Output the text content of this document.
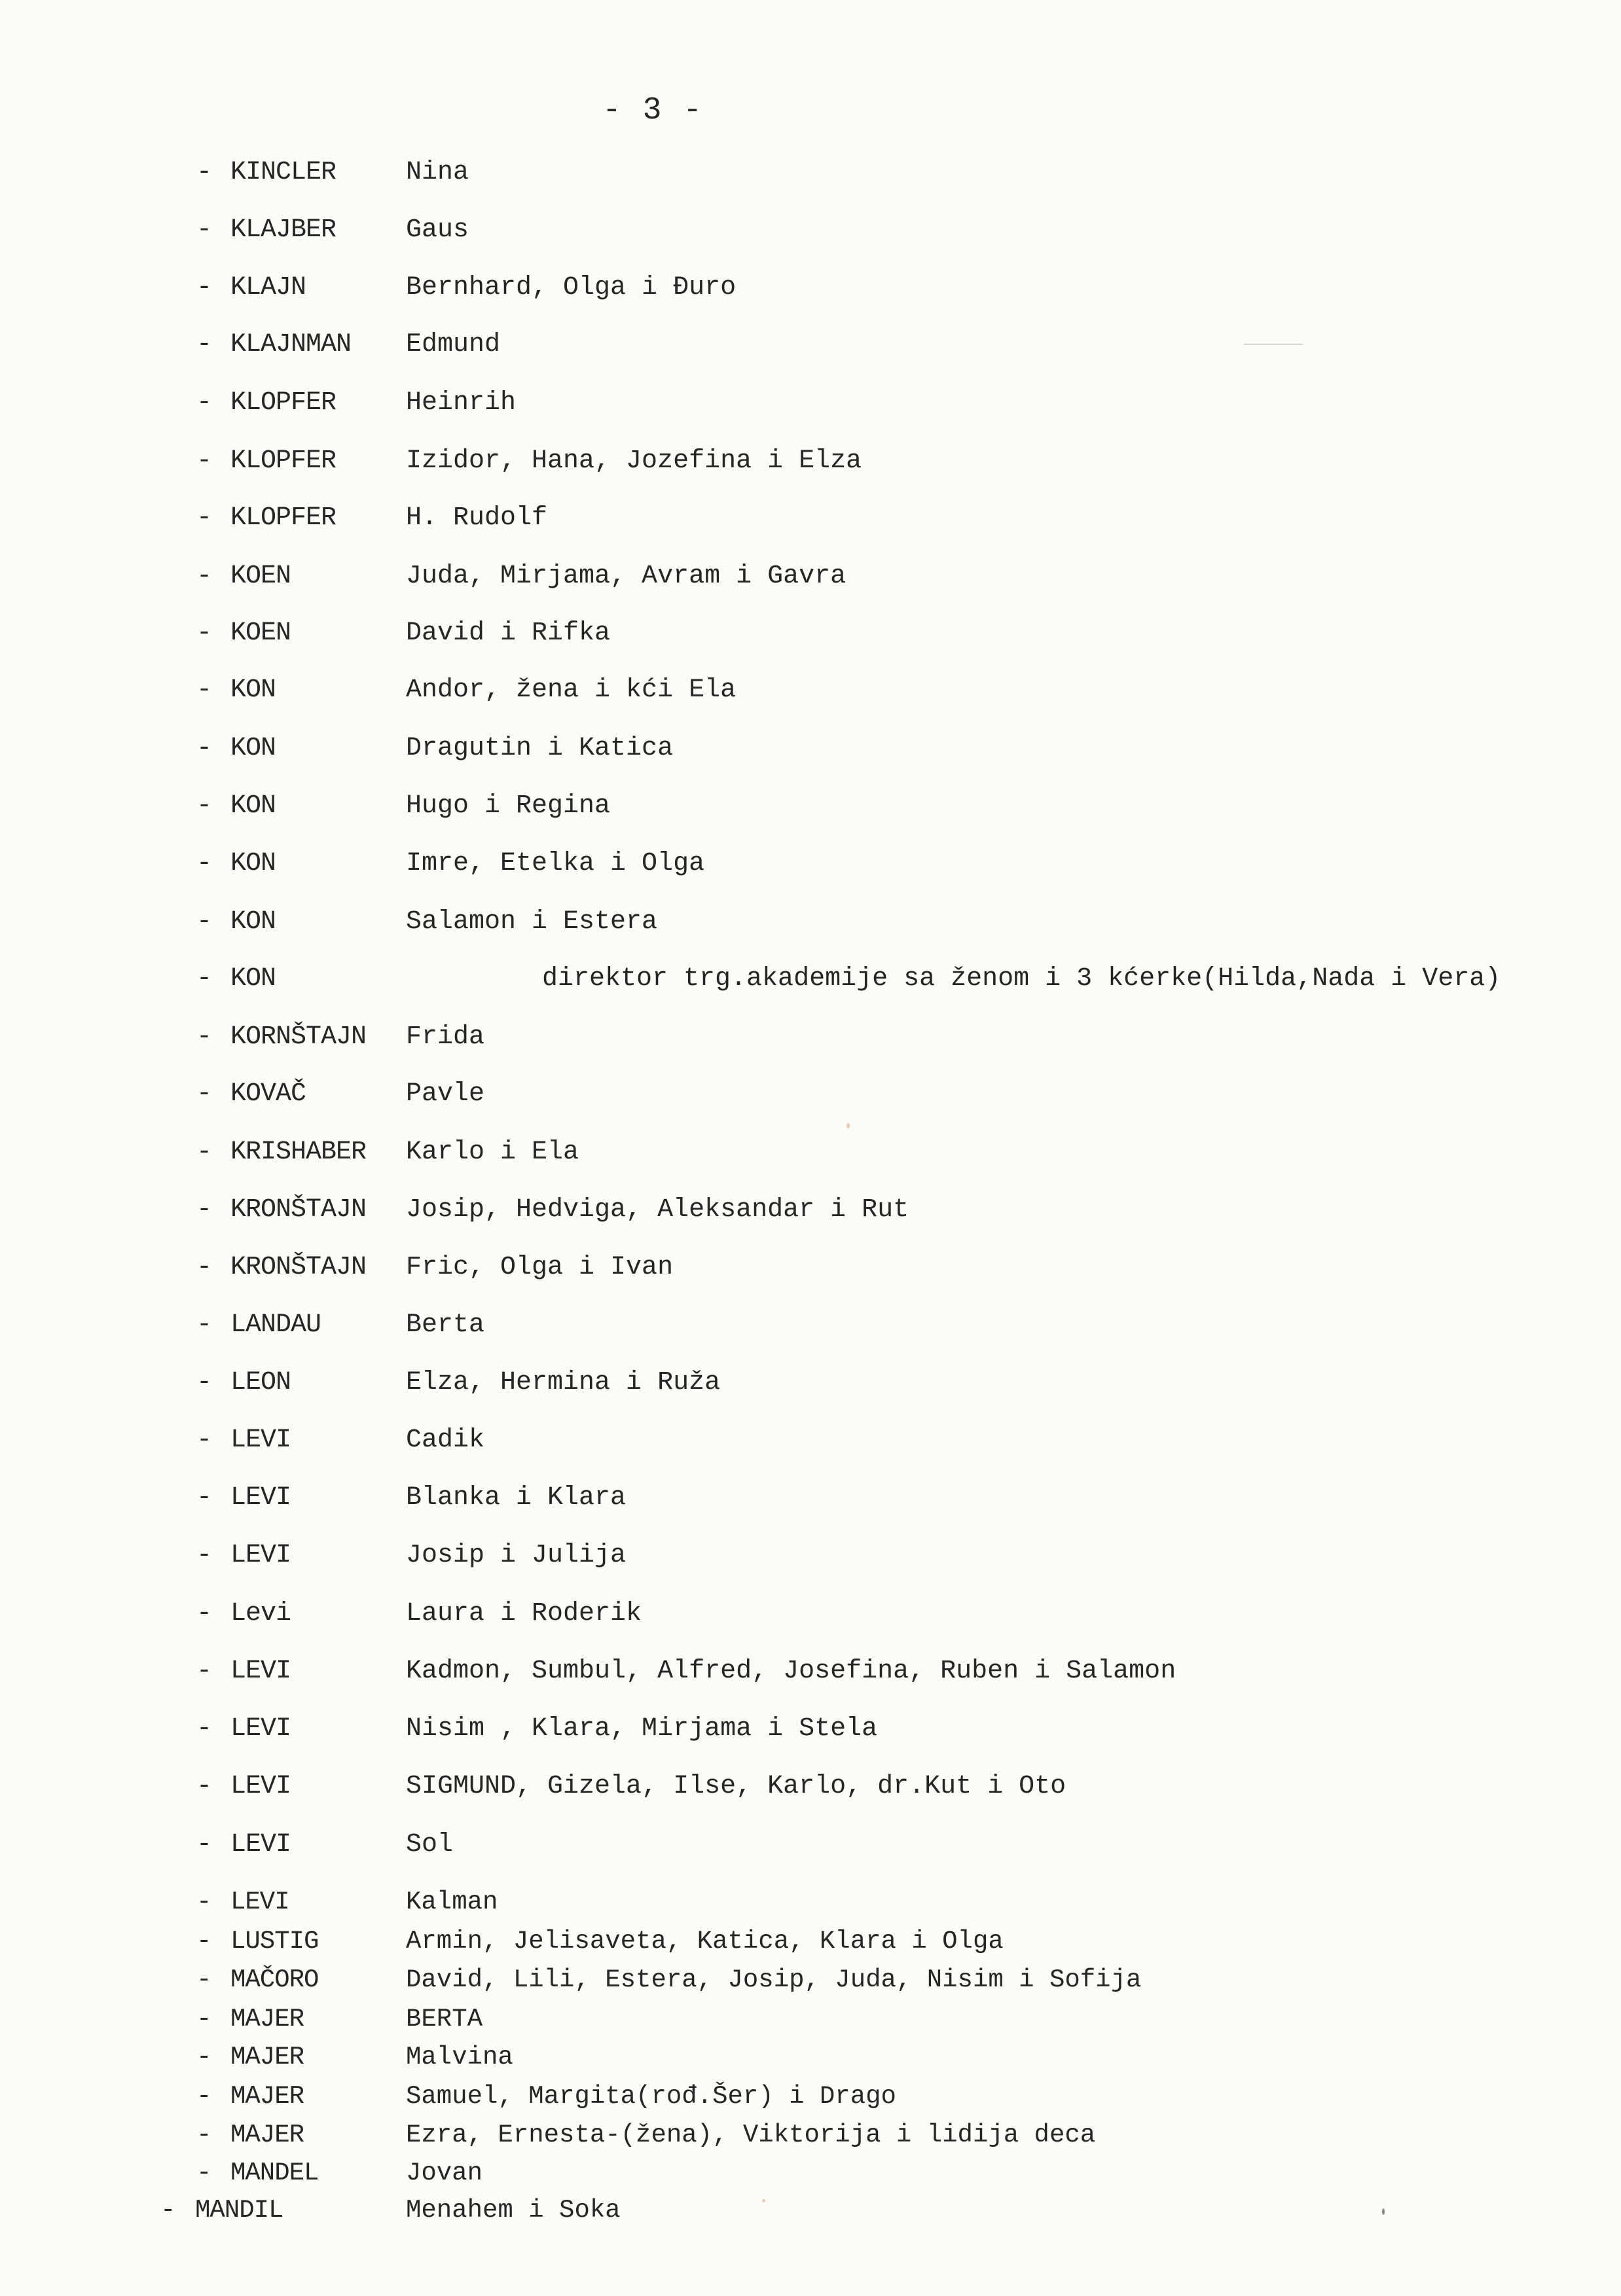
- 3 -
- KINCLER	Nina
- KLAJBER	Gaus
- KLAJN	Bernhard, Olga i Đuro
- KLAJNMAN Edmund
- KLOPFER	Heinrih
- KLOPFER	Izidor, Hana, Jozefina i Elza
- KLOPFER	H. Rudolf
- KOEN	Juda, Mirjama, Avram i Gavra
- KOEN	David i Rifka
- KON	Andor, žena i kći Ela
- KON	Dragutin i Katica
- KON	Hugo i Regina
- KON	Imre, Etelka i Olga
- KON	Salamon i Estera
- KON	direktor trg.akademije sa ženom i 3 kćerke(Hilda,Nada i Vera)
- KORNŠTAJN Frida
- KOVAČ	Pavle
- KRISHABER Karlo i Ela
- KRONŠTAJN Josip, Hedviga, Aleksandar i Rut
- KRONŠTAJN Fric, Olga i Ivan
- LANDAU	Berta
- LEON	Elza, Hermina i Ruža
- LEVI	Cadik
- LEVI	Blanka i Klara
- LEVI	Josip i Julija
- Levi	Laura i Roderik
- LEVI	Kadmon, Sumbul, Alfred, Josefina, Ruben i Salamon
- LEVI	Nisim , Klara, Mirjama i Stela
- LEVI	SIGMUND, Gizela, Ilse, Karlo, dr.Kut i Oto
- LEVI	Sol
- LEVI	Kalman
- LUSTIG	Armin, Jelisaveta, Katica, Klara i Olga
- MAČORO	David, Lili, Estera, Josip, Juda, Nisim i Sofija
- MAJER	BERTA
- MAJER	Malvina
- MAJER	Samuel, Margita(rođ.Šer) i Drago
- MAJER	Ezra, Ernesta-(žena), Viktorija i lidija deca
- MANDEL	Jovan
- MANDIL	Menahem i Soka
